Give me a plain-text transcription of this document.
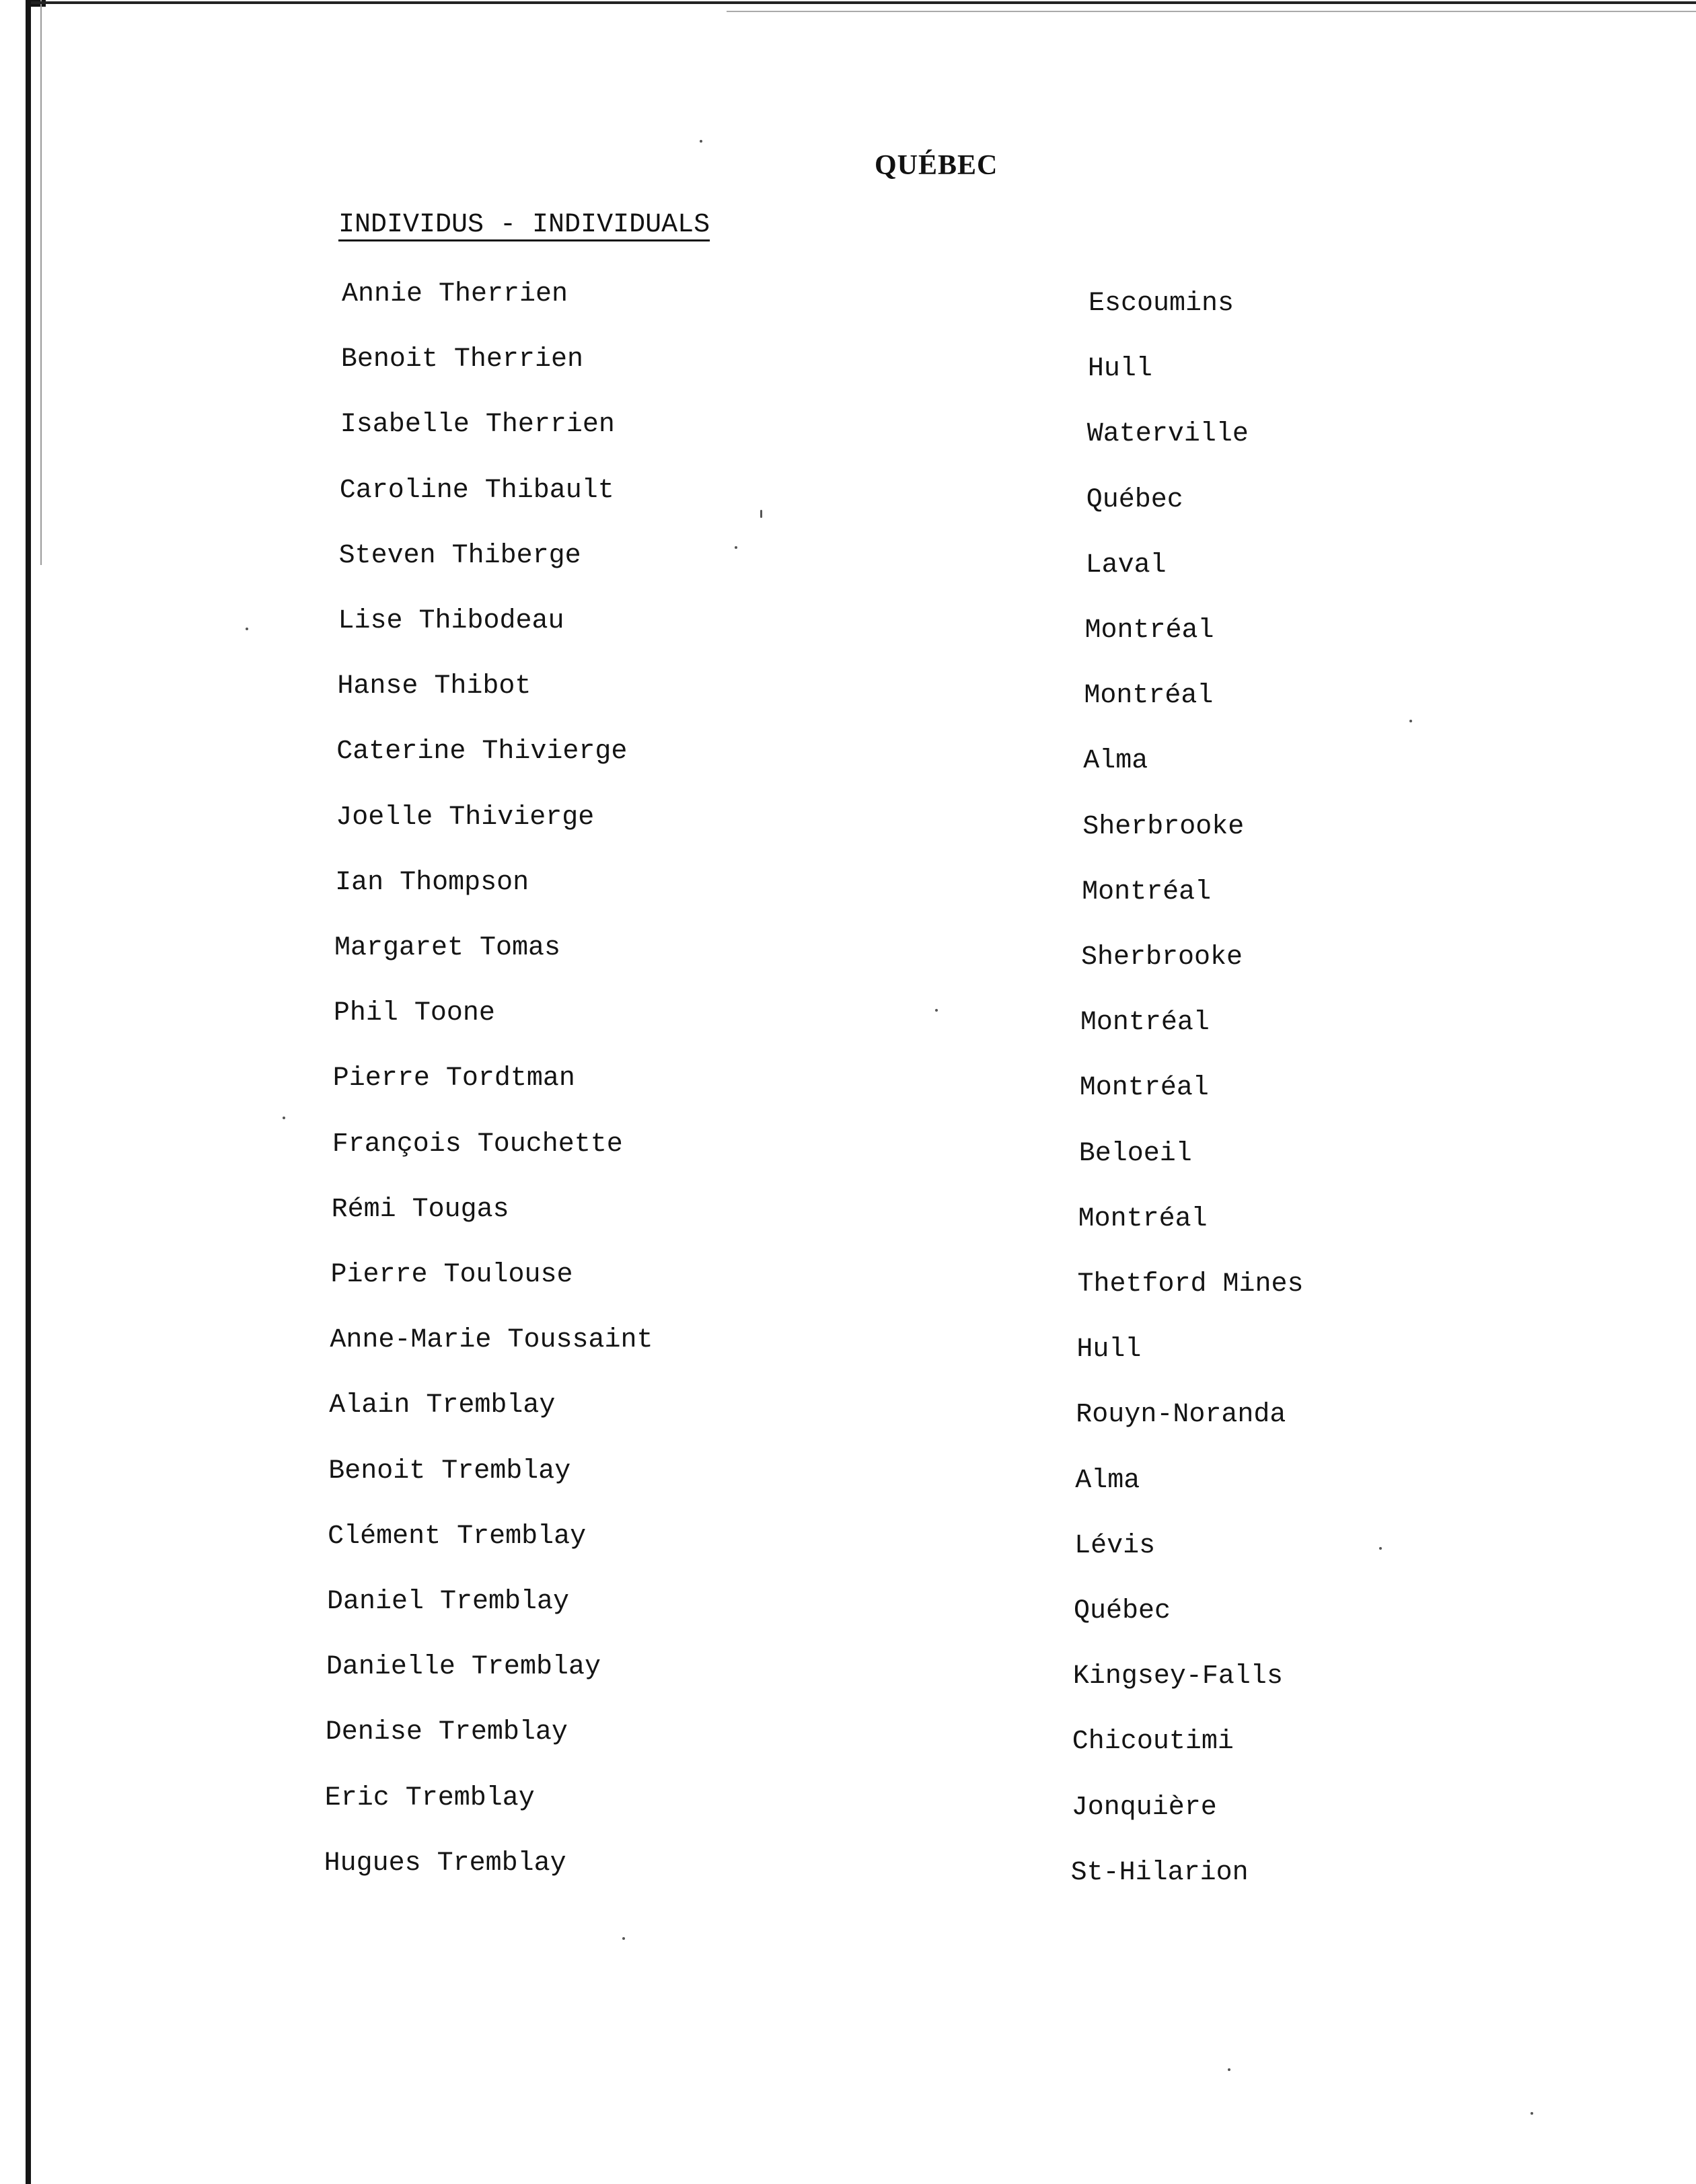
QUÉBEC
INDIVIDUS - INDIVIDUALS
Annie Therrien	Escoumins
Benoit Therrien	Hull
Isabelle Therrien	Waterville
Caroline Thibault	Québec
Steven Thiberge	Laval
Lise Thibodeau	Montréal
Hanse Thibot	Montréal
Caterine Thivierge	Alma
Joelle Thivierge	Sherbrooke
Ian Thompson	Montréal
Margaret Tomas	Sherbrooke
Phil Toone	Montréal
Pierre Tordtman	Montréal
François Touchette	Beloeil
Rémi Tougas	Montréal
Pierre Toulouse	Thetford Mines
Anne-Marie Toussaint	Hull
Alain Tremblay	Rouyn-Noranda
Benoit Tremblay	Alma
Clément Tremblay	Lévis
Daniel Tremblay	Québec
Danielle Tremblay	Kingsey-Falls
Denise Tremblay	Chicoutimi
Eric Tremblay	Jonquière
Hugues Tremblay	St-Hilarion
